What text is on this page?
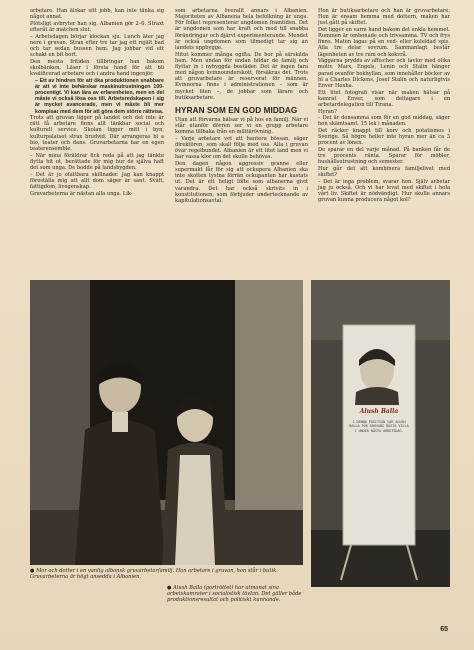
arbetare. Han älskar sitt jobb, kan inte tänka sig något annat.

Plötsligt avbryter han sig. Albanien gör 2–0. Straxt efteråt är matchen slut.

– Arbetsdagen börjar klockan sju. Lunch äter jag nere i gruvan. Strax efter tre tar jag ett rejält bad och tar sedan bussen hem. Jag jobbar vid ett schakt en bit bort.

Den mesta fritiden tillbringar han bakom skolbänken. Läser i första hand för att bli kvalificerad arbetare och i andra hand ingenjör.

– Ett av hindren för att öka produktionen snabbare är att vi inte behärskar maskinutrustningen 100-procentigt. Vi kan lära av erfarenheten, men en del måste vi också lösa oss till. Arbetsredskapen i sig är mycket avancerade, men vi måste bli mer kompisar med dem för att göra dem större rättvisa.

Trots att gruvan ligger på landet och det inte är rätt få arbetare finns allt tänkbar social och kulturell service. Skolan ligger mitt i byn, kulturpalatset strax bredvid. Där arrangeras bl a bio, teater och dans. Gruvarbetarna har en egen teaterensemble.

– När mina föräldrar fick reda på att jag tänkte flytta hit ut, berättade för mig hur de själva haft det som unga. De bodde på landsbygden.

– Det är jo ofattbara skillnader. Jag kan knappt föreställa mig att allt dom säger är sant. Svält, fattigdom, livegenskap.

Gruvarbeterna är nästan alla unga. Lik-

som arbetarna överallt annars i Albanien. Majoriteten av Albanena hela befolkning är unga. För folket representerar ungdomen framtiden. Det är ungdomen som har kraft och mod till snabba förändringar och djärvt experimenterande. Mendet är också ungdomen som tilmedigt tar sig an landets uppbygge.

Hitut kommer många ogifta. De bor på särskilda hem. Men undan för undan bildar de familj och flyttar in i nybyggda bostäder. Det är ingen fara med någon kvinnounderskott, försäkras det. Trots att gruvarbetare är reserverat för männen. Kvinnorna finns i administrationen – som är mycket liten –, de jobbar som lärare och butiksarbetare.

HYRAN SOM EN GOD MIDDAG

Utan att förvarna hälsar vi på hos en familj. När vi står utanför dörren ser vi en grupp arbetare komma tillbaka från en militärövning.

– Varje arbetare vet att hantera bössan, säger direktören, som skall följa med oss. Alla i gruvan övar regelbundet. Albanien är ett litet land men vi har vassa klor om det skulle behövas.

Den dagen någon aggressiv granne eller supermakt får för sig att ockupera Albanien ska inte skotten tystna förrän ockupanten har kastats ut. Det är ett heligt löfte som albanerna givit varandra. Det har också skrivits in i konstitutionen, som förbjuder undertecknande av kapitulationsavtal.

Hon är butiksarbetare och han är gruvarbetare. Hon är ensam hemma med dottern, maken har just gått på skiftet.

Det ligger en varm hand bakom det enkla hemmet. Rummen är ombonade och trivsamma. TV och frys finns. Maten lagas på en ved- eller koleldad spis. Alla tre delar sovrum. Sammanlagt består lägenheten av tre rum och kokvrå.

Väggarna prydds av affischer och tavlor med olika motiv. Marx, Engels, Lenin och Stalin hänger parad ovanför bokhyllan, som innehåller böcker av bl a Charles Dickens, Josef Stalin och naturligtvis Enver Hoxha.

Ett litet fotografi visar när maken hälsar på kamrat Enver, som deltagare i en arbetardelegation till Tirana.

Hyran?

– Det är densamma som för en god middag, säger hon skämtsamt. 15 lek i månaden.

Det räcker knappt till korv och potatismos i Sverige. Så högre heller inte hyran mer än ca 3 procent av lönen.

De sparar en del varje månad. På banken får de tre procents ränta. Sparar för möbler, hushållsutrustning och semester.

Hur går det att kombinera familjelivet med skiftet?

– Det är inga problem, svarar hon. Själv arbetar jag ju också. Och vi har levat med skiftet i hela vårt liv. Skiftet är nödvändigt. Hur skulle annars gruvan kunna producera något kol?

Alush Balla
I DENNA POSITION VAR ALUSH BALLA FÖR GRUVANS BÄSTA VILLA I UNDER NÄSTA ARBETSDAG.
● Mor och dotter i en vanlig albansk gruvarbetarfamilj. Han arbetare i gruvan, hon står i butik. Gruvarbeterna är högt ansedda i Albanien.
● Alush Balla (porträttet) har utmanat sina arbetskamrater i socialistisk tävlan. Det gäller både produktionsresultat och politiskt kunnande.
65
